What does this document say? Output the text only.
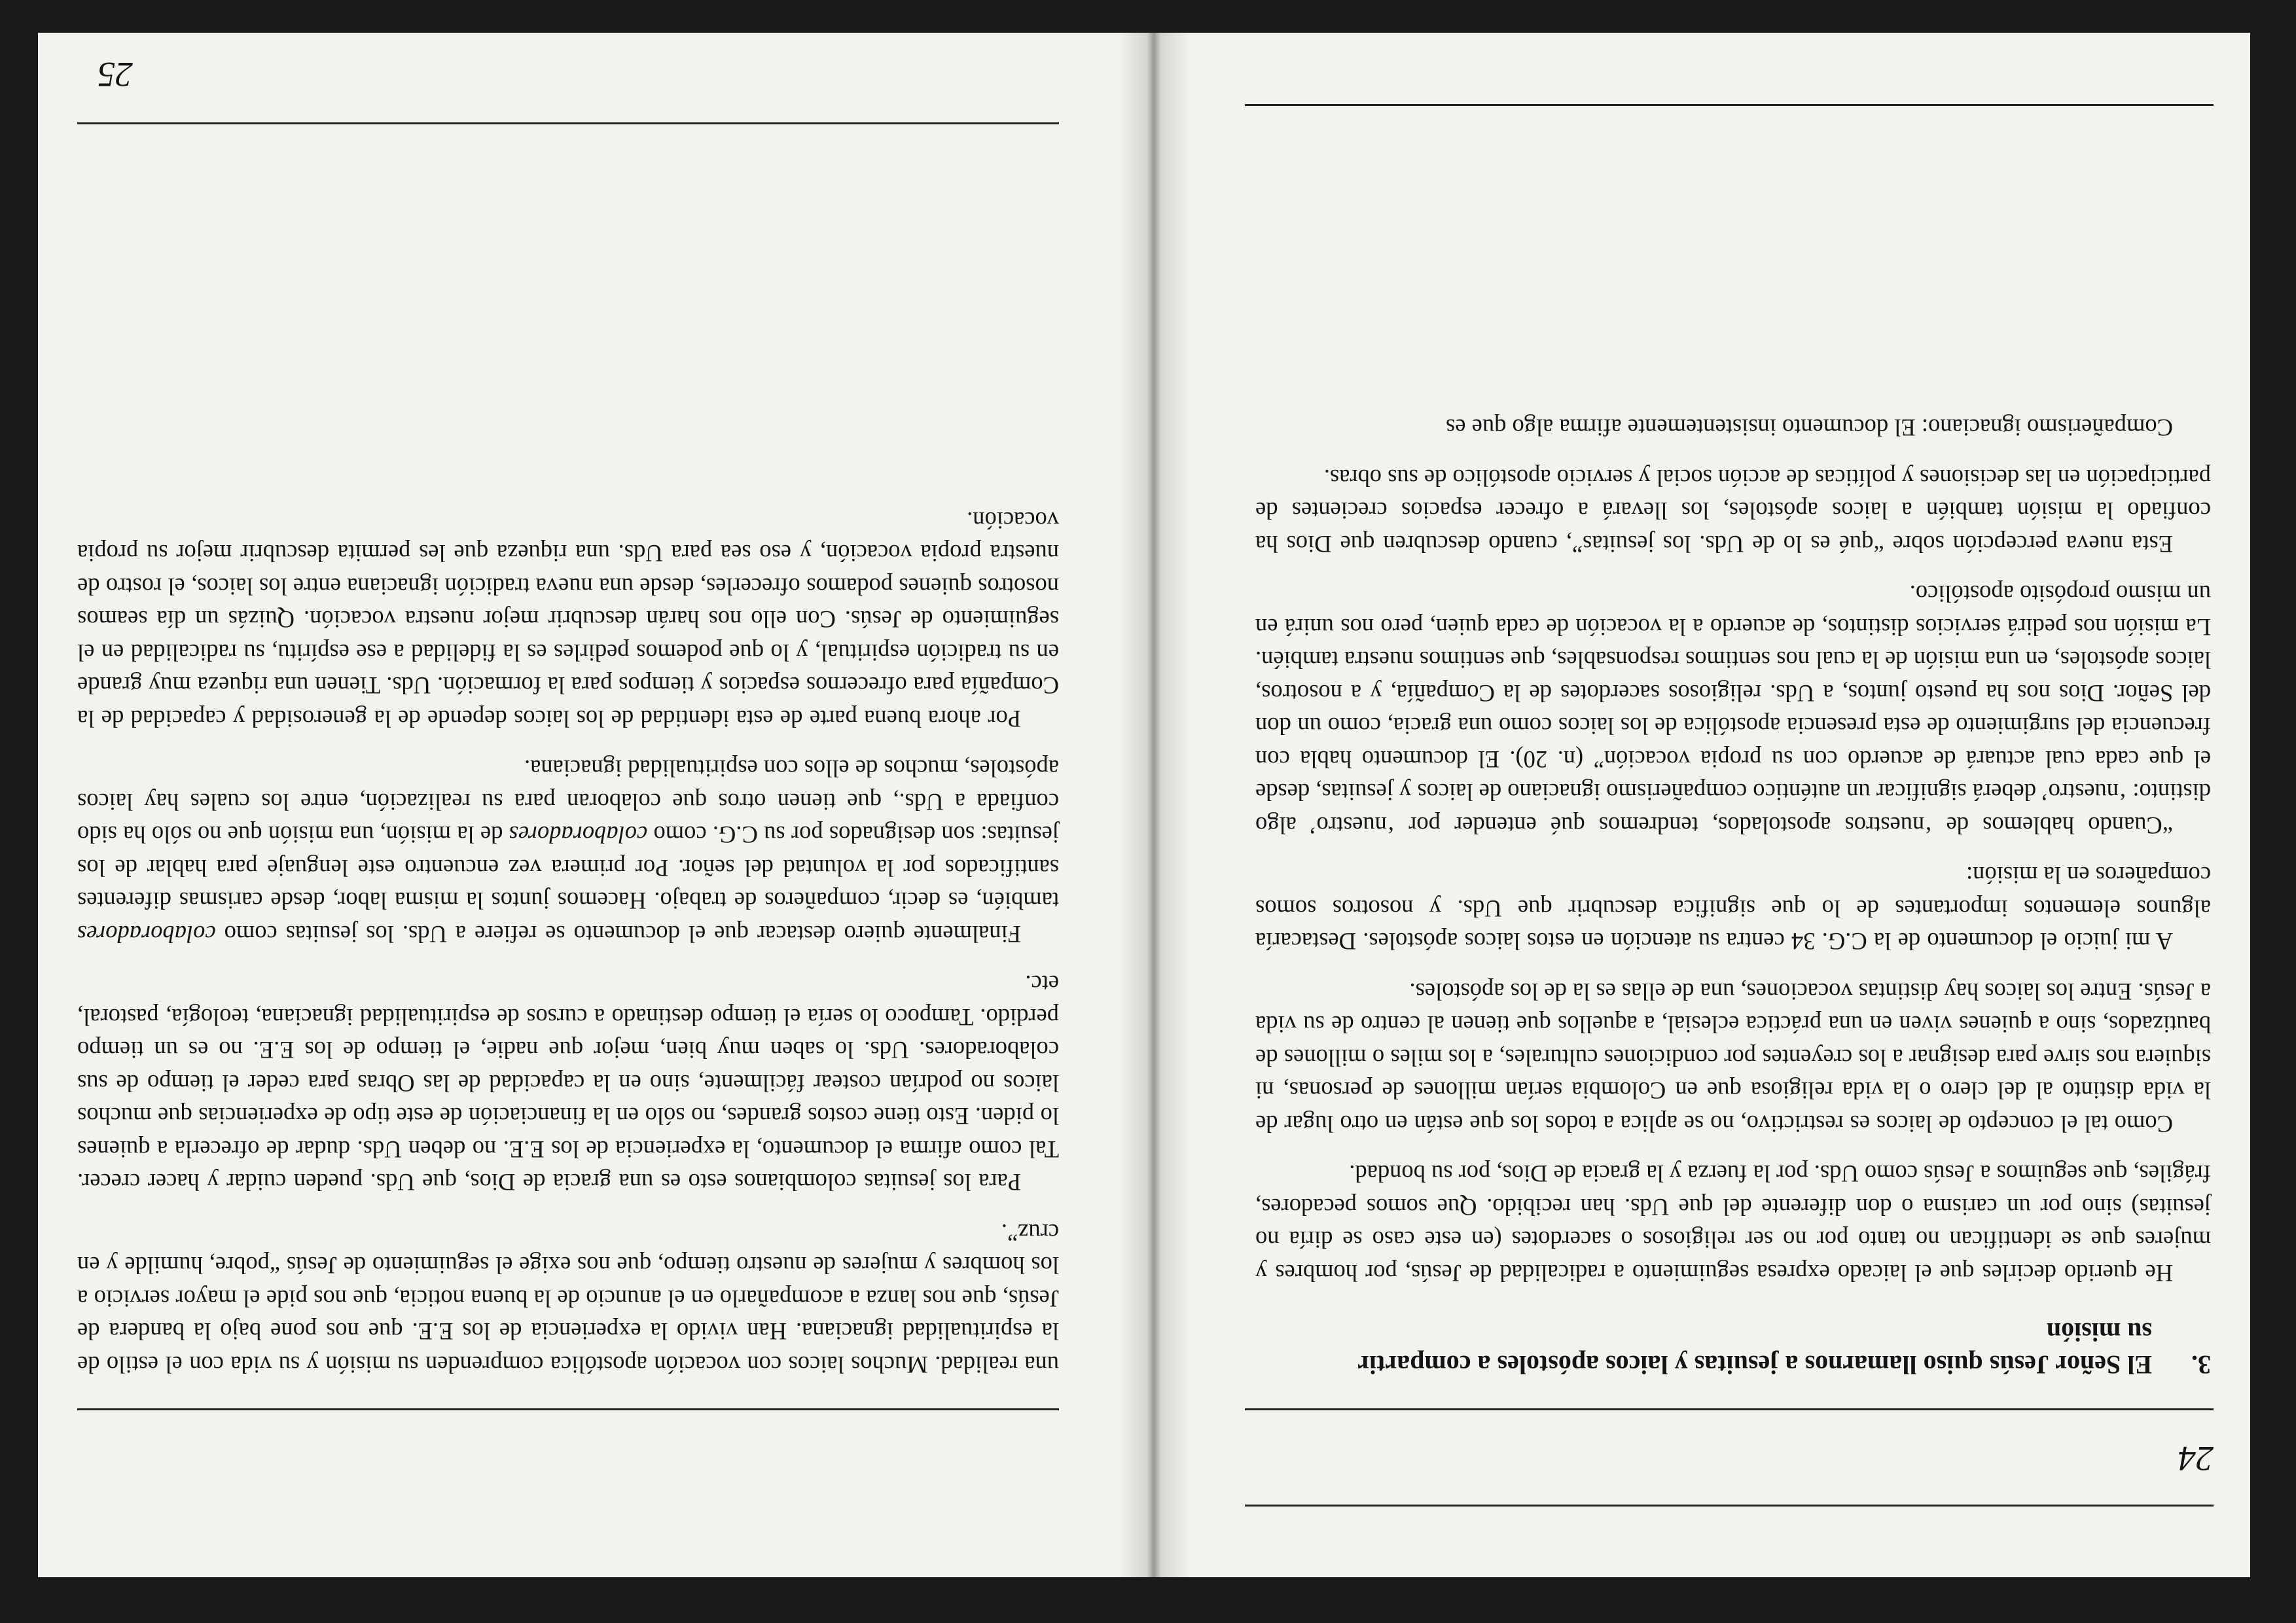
24
3.
El Señor Jesús quiso llamarnos a jesuitas y laicos apóstoles a compartir su misión

He querido decirles que el laicado expresa seguimiento a radicalidad de Jesús, por hombres y mujeres que se identifican no tanto por no ser religiosos o sacerdotes (en este caso se diría no jesuitas) sino por un carisma o don diferente del que Uds. han recibido. Que somos pecadores, frágiles, que seguimos a Jesús como Uds. por la fuerza y la gracia de Dios, por su bondad.

Como tal el concepto de laicos es restrictivo, no se aplica a todos los que están en otro lugar de la vida distinto al del clero o la vida religiosa que en Colombia serían millones de personas, ni siquiera nos sirve para designar a los creyentes por condiciones culturales, a los miles o millones de bautizados, sino a quienes viven en una práctica eclesial, a aquellos que tienen al centro de su vida a Jesús. Entre los laicos hay distintas vocaciones, una de ellas es la de los apóstoles.

A mi juicio el documento de la C.G. 34 centra su atención en estos laicos apóstoles. Destacaría algunos elementos importantes de lo que significa descubrir que Uds. y nosotros somos compañeros en la misión:

“Cuando hablemos de ‘nuestros apostolados, tendremos qué entender por ‘nuestro’ algo distinto: ‘nuestro’ deberá significar un auténtico compañerismo ignaciano de laicos y jesuitas, desde el que cada cual actuará de acuerdo con su propia vocación” (n. 20). El documento habla con frecuencia del surgimiento de esta presencia apostólica de los laicos como una gracia, como un don del Señor. Dios nos ha puesto juntos, a Uds. religiosos sacerdotes de la Compañía, y a nosotros, laicos apóstoles, en una misión de la cual nos sentimos responsables, que sentimos nuestra también. La misión nos pedirá servicios distintos, de acuerdo a la vocación de cada quien, pero nos unirá en un mismo propósito apostólico.

Esta nueva percepción sobre “qué es lo de Uds. los jesuitas”, cuando descubren que Dios ha confiado la misión también a laicos apóstoles, los llevará a ofrecer espacios crecientes de participación en las decisiones y políticas de acción social y servicio apostólico de sus obras.

Compañerismo ignaciano: El documento insistentemente afirma algo que es

25

una realidad. Muchos laicos con vocación apostólica comprenden su misión y su vida con el estilo de la espiritualidad ignaciana. Han vivido la experiencia de los E.E. que nos pone bajo la bandera de Jesús, que nos lanza a acompañarlo en el anuncio de la buena noticia, que nos pide el mayor servicio a los hombres y mujeres de nuestro tiempo, que nos exige el seguimiento de Jesús “pobre, humilde y en cruz”.

Para los jesuitas colombianos esto es una gracia de Dios, que Uds. pueden cuidar y hacer crecer. Tal como afirma el documento, la experiencia de los E.E. no deben Uds. dudar de ofrecerla a quienes lo piden. Esto tiene costos grandes, no sólo en la financiación de este tipo de experiencias que muchos laicos no podrían costear fácilmente, sino en la capacidad de las Obras para ceder el tiempo de sus colaboradores. Uds. lo saben muy bien, mejor que nadie, el tiempo de los E.E. no es un tiempo perdido. Tampoco lo sería el tiempo destinado a cursos de espiritualidad ignaciana, teología, pastoral, etc.

Finalmente quiero destacar que el documento se refiere a Uds. los jesuitas como colaboradores también, es decir, compañeros de trabajo. Hacemos juntos la misma labor, desde carismas diferentes santificados por la voluntad del señor. Por primera vez encuentro este lenguaje para hablar de los jesuitas: son designados por su C.G. como colaboradores de la misión, una misión que no sólo ha sido confiada a Uds., que tienen otros que colaboran para su realización, entre los cuales hay laicos apóstoles, muchos de ellos con espiritualidad ignaciana.

Por ahora buena parte de esta identidad de los laicos depende de la generosidad y capacidad de la Compañía para ofrecernos espacios y tiempos para la formación. Uds. Tienen una riqueza muy grande en su tradición espiritual, y lo que podemos pedirles es la fidelidad a ese espíritu, su radicalidad en el seguimiento de Jesús. Con ello nos harán descubrir mejor nuestra vocación. Quizás un día seamos nosotros quienes podamos ofrecerles, desde una nueva tradición ignaciana entre los laicos, el rostro de nuestra propia vocación, y eso sea para Uds. una riqueza que les permita descubrir mejor su propia vocación.
